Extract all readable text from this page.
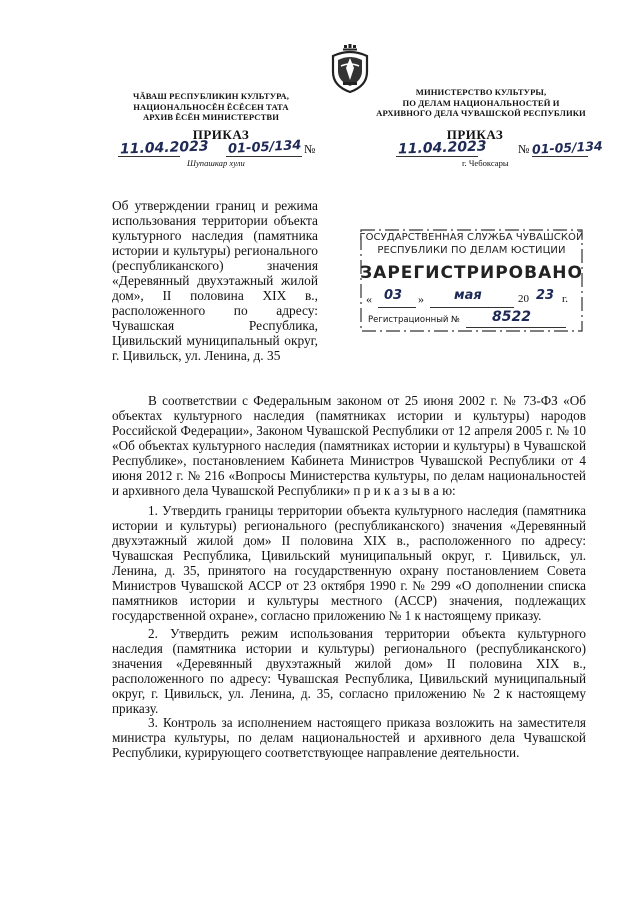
ЧĂВАШ РЕСПУБЛИКИН КУЛЬТУРА,
НАЦИОНАЛЬНОСĔН ĔСĔСЕН ТАТА
АРХИВ ĔСĔН МИНИСТЕРСТВИ
ПРИКАЗ
11.04.2023 01-05/134 №
Шупашкар хули
МИНИСТЕРСТВО КУЛЬТУРЫ,
ПО ДЕЛАМ НАЦИОНАЛЬНОСТЕЙ И
АРХИВНОГО ДЕЛА ЧУВАШСКОЙ РЕСПУБЛИКИ
ПРИКАЗ
11.04.2023	№ 01-05/134
г. Чебоксары
Об утверждении границ и режима использования территории объекта культурного наследия (памятника истории и культуры) регионального (республиканского) значения «Деревянный двухэтажный жилой дом», II половина XIX в., расположенного по адресу: Чувашская Республика, Цивильский муниципальный округ, г. Цивильск, ул. Ленина, д. 35
ГОСУДАРСТВЕННАЯ СЛУЖБА ЧУВАШСКОЙ
РЕСПУБЛИКИ ПО ДЕЛАМ ЮСТИЦИИ
ЗАРЕГИСТРИРОВАНО
« 03 » мая	20 23 г.
Регистрационный № 8522
В соответствии с Федеральным законом от 25 июня 2002 г. № 73-ФЗ «Об объектах культурного наследия (памятниках истории и культуры) народов Российской Федерации», Законом Чувашской Республики от 12 апреля 2005 г. № 10 «Об объектах культурного наследия (памятниках истории и культуры) в Чувашской Республике», постановлением Кабинета Министров Чувашской Республики от 4 июня 2012 г. № 216 «Вопросы Министерства культуры, по делам национальностей и архивного дела Чувашской Республики» п р и к а з ы в а ю:
1. Утвердить границы территории объекта культурного наследия (памятника истории и культуры) регионального (республиканского) значения «Деревянный двухэтажный жилой дом» II половина XIX в., расположенного по адресу: Чувашская Республика, Цивильский муниципальный округ, г. Цивильск, ул. Ленина, д. 35, принятого на государственную охрану постановлением Совета Министров Чувашской АССР от 23 октября 1990 г. № 299 «О дополнении списка памятников истории и культуры местного (АССР) значения, подлежащих государственной охране», согласно приложению № 1 к настоящему приказу.
2. Утвердить режим использования территории объекта культурного наследия (памятника истории и культуры) регионального (республиканского) значения «Деревянный двухэтажный жилой дом» II половина XIX в., расположенного по адресу: Чувашская Республика, Цивильский муниципальный округ, г. Цивильск, ул. Ленина, д. 35, согласно приложению № 2 к настоящему приказу.
3. Контроль за исполнением настоящего приказа возложить на заместителя министра культуры, по делам национальностей и архивного дела Чувашской Республики, курирующего соответствующее направление деятельности.
